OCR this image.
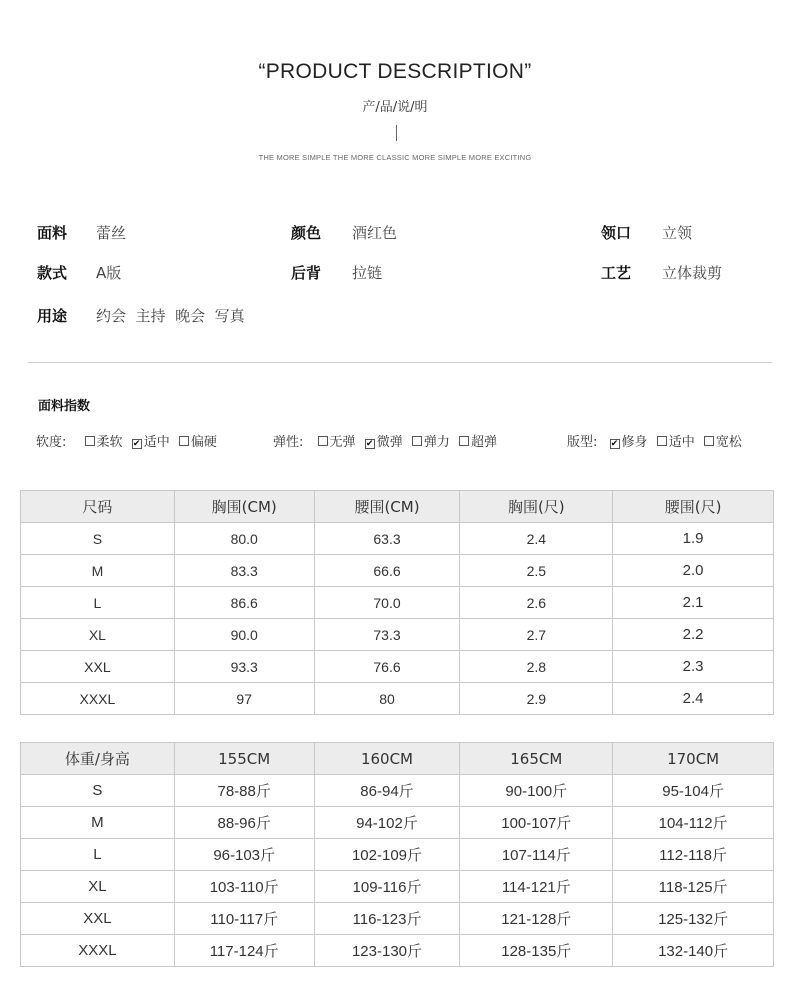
“PRODUCT DESCRIPTION”
产/品/说/明
THE MORE SIMPLE THE MORE CLASSIC MORE SIMPLE MORE EXCITING
面料 蕾丝	颜色 酒红色	领口 立领
款式 A版	后背 拉链	工艺 立体裁剪
用途 约会  主持  晚会  写真
面料指数
软度: 柔软 ✔ 适中 偏硬	弹性: 无弹 ✔ 微弹 弹力 超弹	版型: ✔ 修身 适中 宽松
尺码	胸围(CM)	腰围(CM)	胸围(尺)	腰围(尺)
S	80.0	63.3	2.4	1.9
M	83.3	66.6	2.5	2.0
L	86.6	70.0	2.6	2.1
XL	90.0	73.3	2.7	2.2
XXL	93.3	76.6	2.8	2.3
XXXL	97	80	2.9	2.4
体重/身高	155CM	160CM	165CM	170CM
S	78-88斤	86-94斤	90-100斤	95-104斤
M	88-96斤	94-102斤	100-107斤	104-112斤
L	96-103斤	102-109斤	107-114斤	112-118斤
XL	103-110斤	109-116斤	114-121斤	118-125斤
XXL	110-117斤	116-123斤	121-128斤	125-132斤
XXXL	117-124斤	123-130斤	128-135斤	132-140斤
